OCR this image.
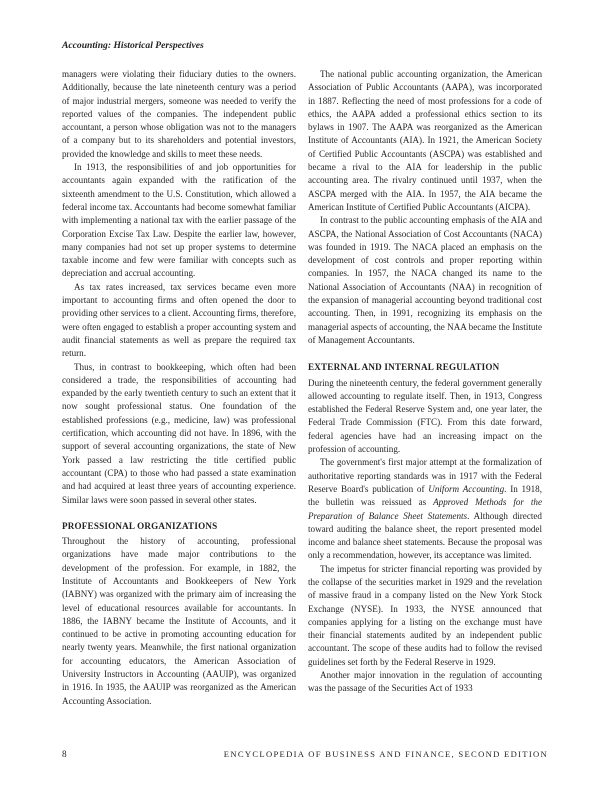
Accounting: Historical Perspectives

managers were violating their fiduciary duties to the owners. Additionally, because the late nineteenth century was a period of major industrial mergers, someone was needed to verify the reported values of the companies. The independent public accountant, a person whose obligation was not to the managers of a company but to its shareholders and potential investors, provided the knowledge and skills to meet these needs.

In 1913, the responsibilities of and job opportunities for accountants again expanded with the ratification of the sixteenth amendment to the U.S. Constitution, which allowed a federal income tax. Accountants had become somewhat familiar with implementing a national tax with the earlier passage of the Corporation Excise Tax Law. Despite the earlier law, however, many companies had not set up proper systems to determine taxable income and few were familiar with concepts such as depreciation and accrual accounting.

As tax rates increased, tax services became even more important to accounting firms and often opened the door to providing other services to a client. Accounting firms, therefore, were often engaged to establish a proper accounting system and audit financial statements as well as prepare the required tax return.

Thus, in contrast to bookkeeping, which often had been considered a trade, the responsibilities of accounting had expanded by the early twentieth century to such an extent that it now sought professional status. One foundation of the established professions (e.g., medicine, law) was professional certification, which accounting did not have. In 1896, with the support of several accounting organizations, the state of New York passed a law restricting the title certified public accountant (CPA) to those who had passed a state examination and had acquired at least three years of accounting experience. Similar laws were soon passed in several other states.

PROFESSIONAL ORGANIZATIONS

Throughout the history of accounting, professional organizations have made major contributions to the development of the profession. For example, in 1882, the Institute of Accountants and Bookkeepers of New York (IABNY) was organized with the primary aim of increasing the level of educational resources available for accountants. In 1886, the IABNY became the Institute of Accounts, and it continued to be active in promoting accounting education for nearly twenty years. Meanwhile, the first national organization for accounting educators, the American Association of University Instructors in Accounting (AAUIP), was organized in 1916. In 1935, the AAUIP was reorganized as the American Accounting Association.

The national public accounting organization, the American Association of Public Accountants (AAPA), was incorporated in 1887. Reflecting the need of most professions for a code of ethics, the AAPA added a professional ethics section to its bylaws in 1907. The AAPA was reorganized as the American Institute of Accountants (AIA). In 1921, the American Society of Certified Public Accountants (ASCPA) was established and became a rival to the AIA for leadership in the public accounting area. The rivalry continued until 1937, when the ASCPA merged with the AIA. In 1957, the AIA became the American Institute of Certified Public Accountants (AICPA).

In contrast to the public accounting emphasis of the AIA and ASCPA, the National Association of Cost Accountants (NACA) was founded in 1919. The NACA placed an emphasis on the development of cost controls and proper reporting within companies. In 1957, the NACA changed its name to the National Association of Accountants (NAA) in recognition of the expansion of managerial accounting beyond traditional cost accounting. Then, in 1991, recognizing its emphasis on the managerial aspects of accounting, the NAA became the Institute of Management Accountants.

EXTERNAL AND INTERNAL REGULATION

During the nineteenth century, the federal government generally allowed accounting to regulate itself. Then, in 1913, Congress established the Federal Reserve System and, one year later, the Federal Trade Commission (FTC). From this date forward, federal agencies have had an increasing impact on the profession of accounting.

The government's first major attempt at the formalization of authoritative reporting standards was in 1917 with the Federal Reserve Board's publication of Uniform Accounting. In 1918, the bulletin was reissued as Approved Methods for the Preparation of Balance Sheet Statements. Although directed toward auditing the balance sheet, the report presented model income and balance sheet statements. Because the proposal was only a recommendation, however, its acceptance was limited.

The impetus for stricter financial reporting was provided by the collapse of the securities market in 1929 and the revelation of massive fraud in a company listed on the New York Stock Exchange (NYSE). In 1933, the NYSE announced that companies applying for a listing on the exchange must have their financial statements audited by an independent public accountant. The scope of these audits had to follow the revised guidelines set forth by the Federal Reserve in 1929.

Another major innovation in the regulation of accounting was the passage of the Securities Act of 1933

8	ENCYCLOPEDIA OF BUSINESS AND FINANCE, SECOND EDITION
